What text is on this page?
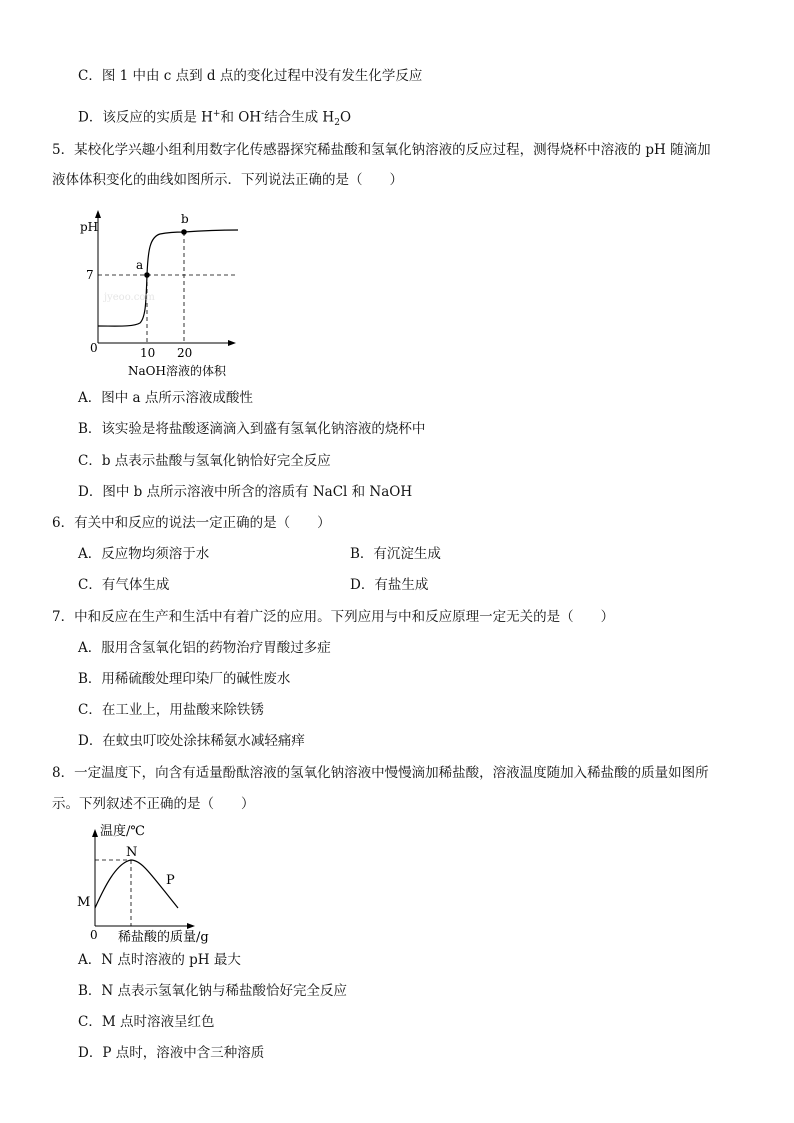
C．图 1 中由 c 点到 d 点的变化过程中没有发生化学反应
D．该反应的实质是 H+和 OH-结合生成 $H_2O$
5．某校化学兴趣小组利用数字化传感器探究稀盐酸和氢氧化钠溶液的反应过程，测得烧杯中溶液的 pH 随滴加
液体体积变化的曲线如图所示．下列说法正确的是（　　）
pH
7
0	10 20
a
b
NaOH溶液的体积
jyeoo.com
A．图中 a 点所示溶液成酸性
B．该实验是将盐酸逐滴滴入到盛有氢氧化钠溶液的烧杯中
C．b 点表示盐酸与氢氧化钠恰好完全反应
D．图中 b 点所示溶液中所含的溶质有 NaCl 和 NaOH
6．有关中和反应的说法一定正确的是（　　）
A．反应物均须溶于水	B．有沉淀生成
C．有气体生成	D．有盐生成
7．中和反应在生产和生活中有着广泛的应用。下列应用与中和反应原理一定无关的是（　　）
A．服用含氢氧化铝的药物治疗胃酸过多症
B．用稀硫酸处理印染厂的碱性废水
C．在工业上，用盐酸来除铁锈
D．在蚊虫叮咬处涂抹稀氨水减轻痛痒
8．一定温度下，向含有适量酚酞溶液的氢氧化钠溶液中慢慢滴加稀盐酸，溶液温度随加入稀盐酸的质量如图所
示。下列叙述不正确的是（　　）
温度/℃
N
P
M
0 稀盐酸的质量/g
A．N 点时溶液的 pH 最大
B．N 点表示氢氧化钠与稀盐酸恰好完全反应
C．M 点时溶液呈红色
D．P 点时，溶液中含三种溶质
